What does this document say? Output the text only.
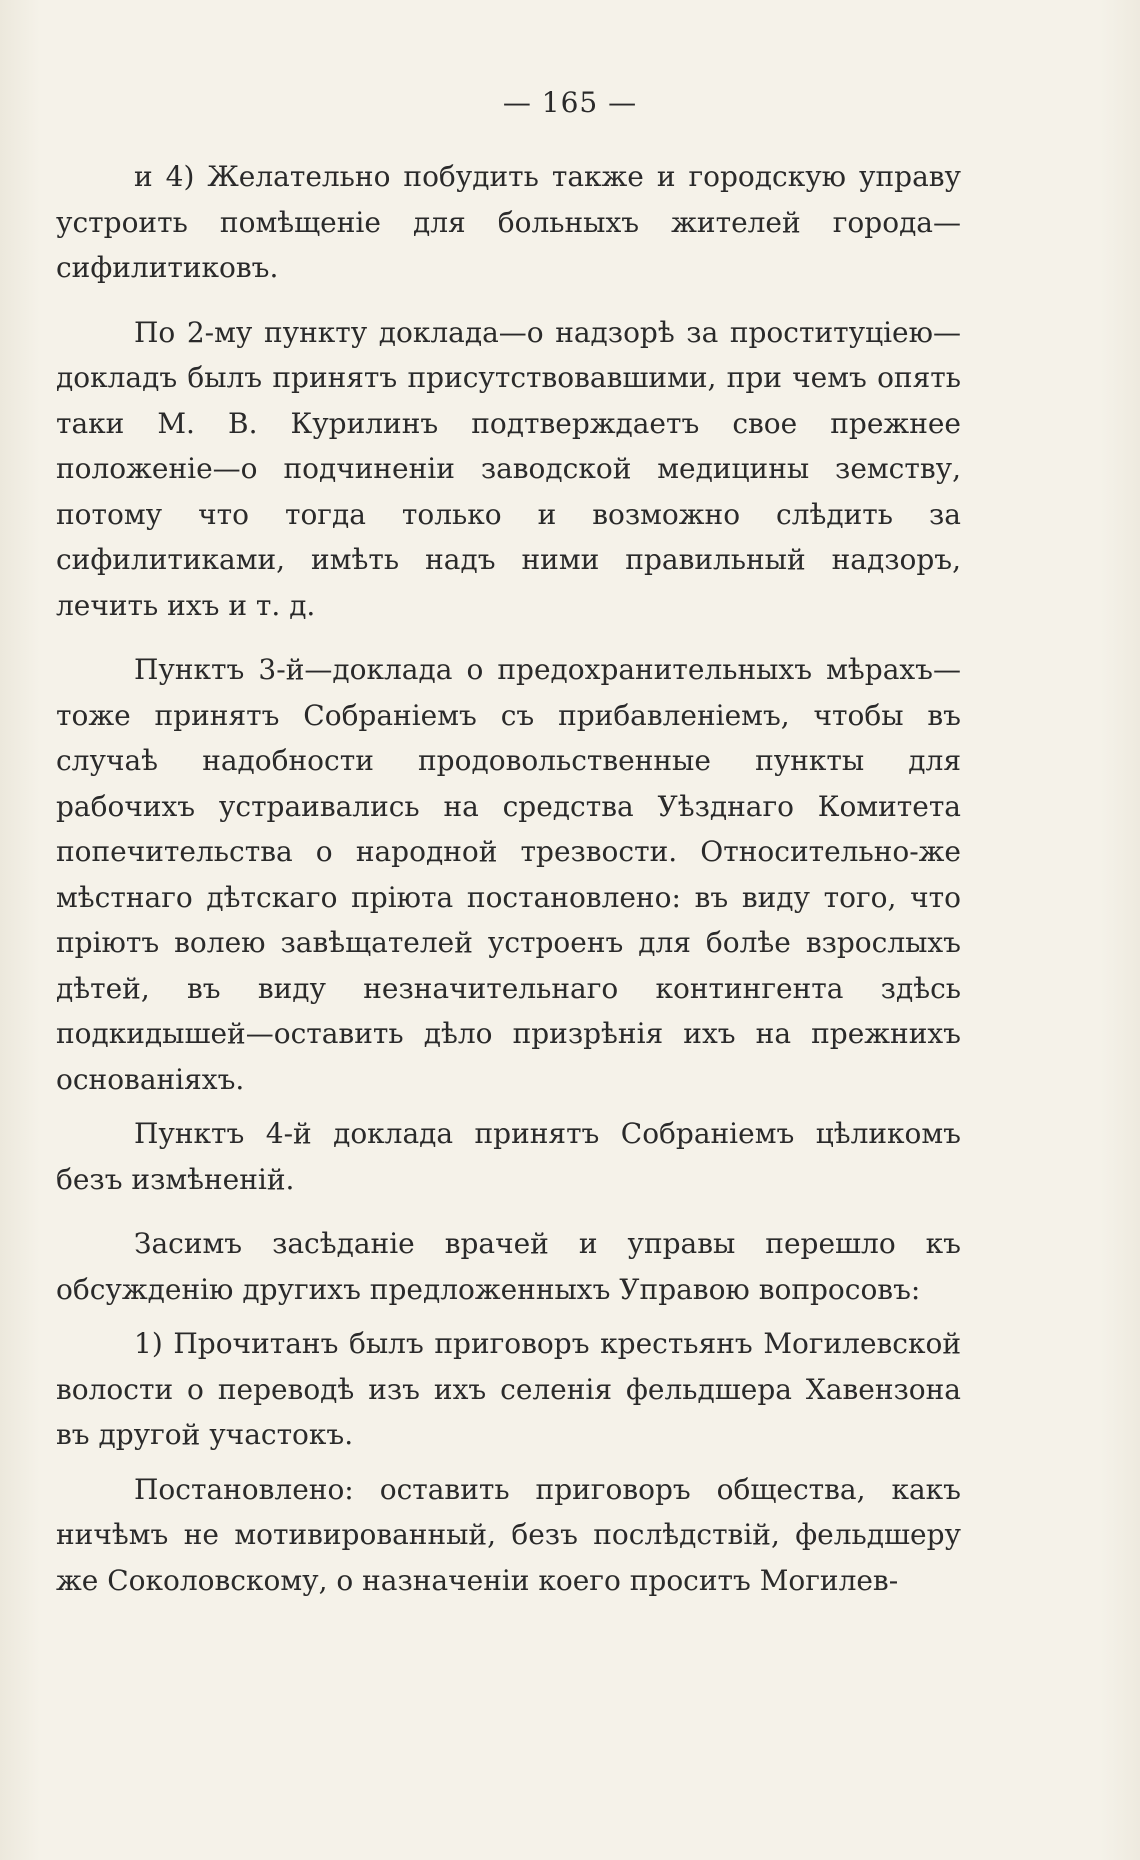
— 165 —

и 4) Желательно побудить также и городскую управу устроить помѣщеніе для больныхъ жителей города—сифилитиковъ.

По 2-му пункту доклада—о надзорѣ за проституціею—докладъ былъ принятъ присутствовавшими, при чемъ опять таки М. В. Курилинъ подтверждаетъ свое прежнее положеніе—о подчиненіи заводской медицины земству, потому что тогда только и возможно слѣдить за сифилитиками, имѣть надъ ними правильный надзоръ, лечить ихъ и т. д.

Пунктъ 3-й—доклада о предохранительныхъ мѣрахъ—тоже принятъ Собраніемъ съ прибавленіемъ, чтобы въ случаѣ надобности продовольственные пункты для рабочихъ устраивались на средства Уѣзднаго Комитета попечительства о народной трезвости. Относительно-же мѣстнаго дѣтскаго пріюта постановлено: въ виду того, что пріютъ волею завѣщателей устроенъ для болѣе взрослыхъ дѣтей, въ виду незначительнаго контингента здѣсь подкидышей—оставить дѣло призрѣнія ихъ на прежнихъ основаніяхъ.

Пунктъ 4-й доклада принятъ Собраніемъ цѣликомъ безъ измѣненій.

Засимъ засѣданіе врачей и управы перешло къ обсужденію другихъ предложенныхъ Управою вопросовъ:

1) Прочитанъ былъ приговоръ крестьянъ Могилевской волости о переводѣ изъ ихъ селенія фельдшера Хавензона въ другой участокъ.

Постановлено: оставить приговоръ общества, какъ ничѣмъ не мотивированный, безъ послѣдствій, фельдшеру же Соколовскому, о назначеніи коего проситъ Могилев-
